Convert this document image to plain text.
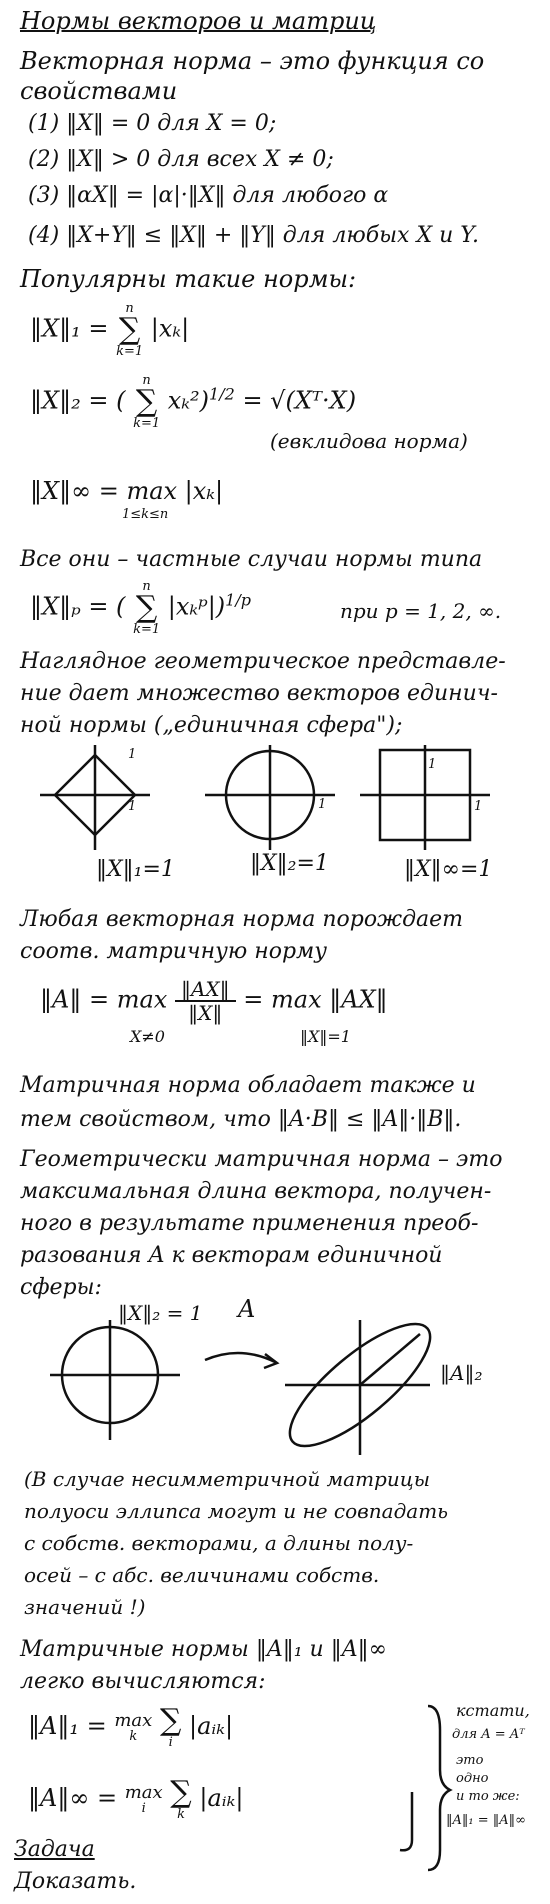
Нормы векторов и матриц
Векторная норма – это функция со
свойствами
(1) ‖X‖ = 0 для X = 0;
(2) ‖X‖ > 0 для всех X ≠ 0;
(3) ‖αX‖ = |α|·‖X‖ для любого α
(4) ‖X+Y‖ ≤ ‖X‖ + ‖Y‖ для любых X и Y.
Популярны такие нормы:
‖X‖₁ =
n
∑
k=1
|xₖ|
‖X‖₂ = (
n
∑
k=1
xₖ²)$^{1/2}$ = √(Xᵀ·X)
(евклидова норма)
‖X‖∞ = max |xₖ|
1≤k≤n
Все они – частные случаи нормы типа
‖X‖ₚ = (
n
∑
k=1
|xₖᵖ|)$^{1/p}$	при p = 1, 2, ∞.
Наглядное геометрическое представле-
ние дает множество векторов единич-
ной нормы („единичная сфера");
1
1	1
1
1
‖X‖₁=1	‖X‖₂=1	‖X‖∞=1
Любая векторная норма порождает
соотв. матричную норму
‖A‖ = $\max \frac{‖AX‖}{‖X‖} = \max$ ‖AX‖
X≠0	‖X‖=1
Матричная норма обладает также и
тем свойством, что ‖A·B‖ ≤ ‖A‖·‖B‖.
Геометрически матричная норма – это
максимальная длина вектора, получен-
ного в результате применения преоб-
разования A к векторам единичной
сферы:
‖X‖₂ = 1 A
‖A‖₂
(В случае несимметричной матрицы
полуоси эллипса могут и не совпадать
с собств. векторами, а длины полу-
осей – с абс. величинами собств.
значений !)
Матричные нормы ‖A‖₁ и ‖A‖∞
легко вычисляются:
‖A‖₁ = max
k
∑
i
|aᵢₖ|
‖A‖∞ = max
i
∑
k
|aᵢₖ|
кстати,
для A = Aᵀ
это
одно
и то же:
‖A‖₁ = ‖A‖∞
Задача
Доказать.
